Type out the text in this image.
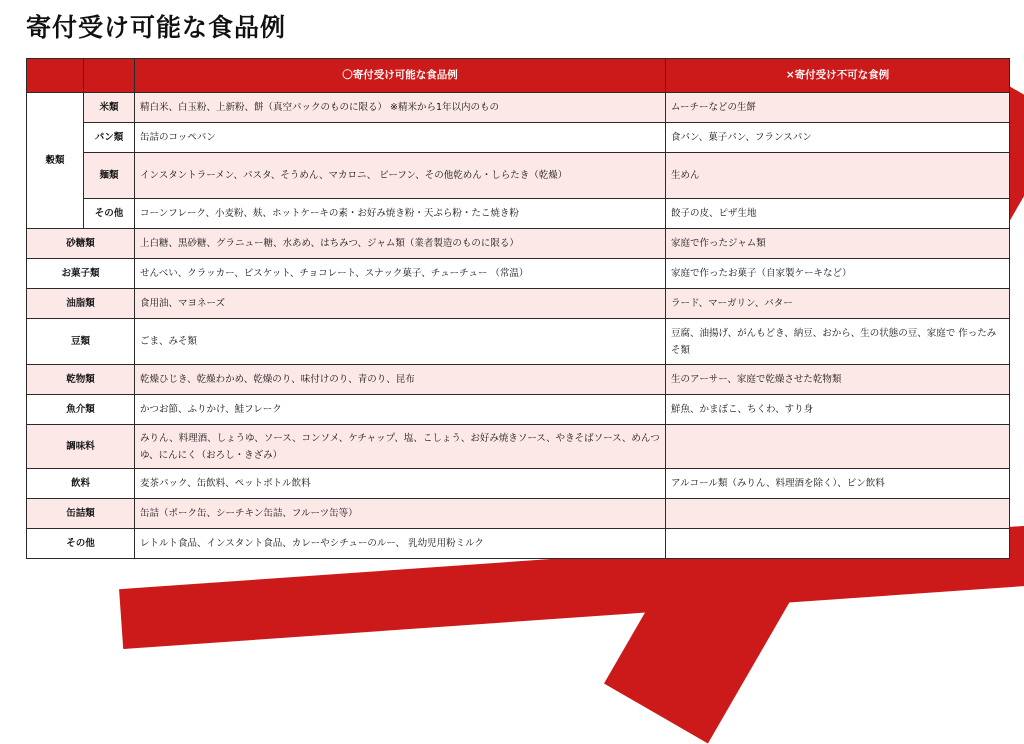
寄付受け可能な食品例
		〇寄付受け可能な食品例	×寄付受け不可な食例
穀類	米類	精白米、白玉粉、上新粉、餅（真空パックのものに限る） ※精米から1年以内のもの	ムーチーなどの生餅
	パン類	缶詰のコッペパン	食パン、菓子パン、フランスパン
	麺類	インスタントラーメン、パスタ、そうめん、マカロニ、 ビーフン、その他乾めん・しらたき（乾燥）	生めん
	その他	コーンフレーク、小麦粉、麸、ホットケーキの素・お好み焼き粉・天ぷら粉・たこ焼き粉	餃子の皮、ピザ生地
砂糖類		上白糖、黒砂糖、グラニュー糖、水あめ、はちみつ、ジャム類（業者製造のものに限る）	家庭で作ったジャム類
お菓子類		せんべい、クラッカー、ビスケット、チョコレート、スナック菓子、チューチュー （常温）	家庭で作ったお菓子（自家製ケーキなど）
油脂類		食用油、マヨネーズ	ラード、マーガリン、バター
豆類		ごま、みそ類	豆腐、油揚げ、がんもどき、納豆、おから、生の状態の豆、家庭で 作ったみそ類
乾物類		乾燥ひじき、乾燥わかめ、乾燥のり、味付けのり、青のり、昆布	生のアーサー、家庭で乾燥させた乾物類
魚介類		かつお節、ふりかけ、鮭フレーク	鮮魚、かまぼこ、ちくわ、すり身
調味料		みりん、料理酒、しょうゆ、ソース、コンソメ、ケチャップ、塩、こしょう、お好み焼きソース、やきそばソース、めんつゆ、にんにく（おろし・きざみ）	
飲料		麦茶パック、缶飲料、ペットボトル飲料	アルコール類（みりん、料理酒を除く）、ビン飲料
缶詰類		缶詰（ポーク缶、シーチキン缶詰、フルーツ缶等）	
その他		レトルト食品、インスタント食品、カレーやシチューのルー、 乳幼児用粉ミルク	
